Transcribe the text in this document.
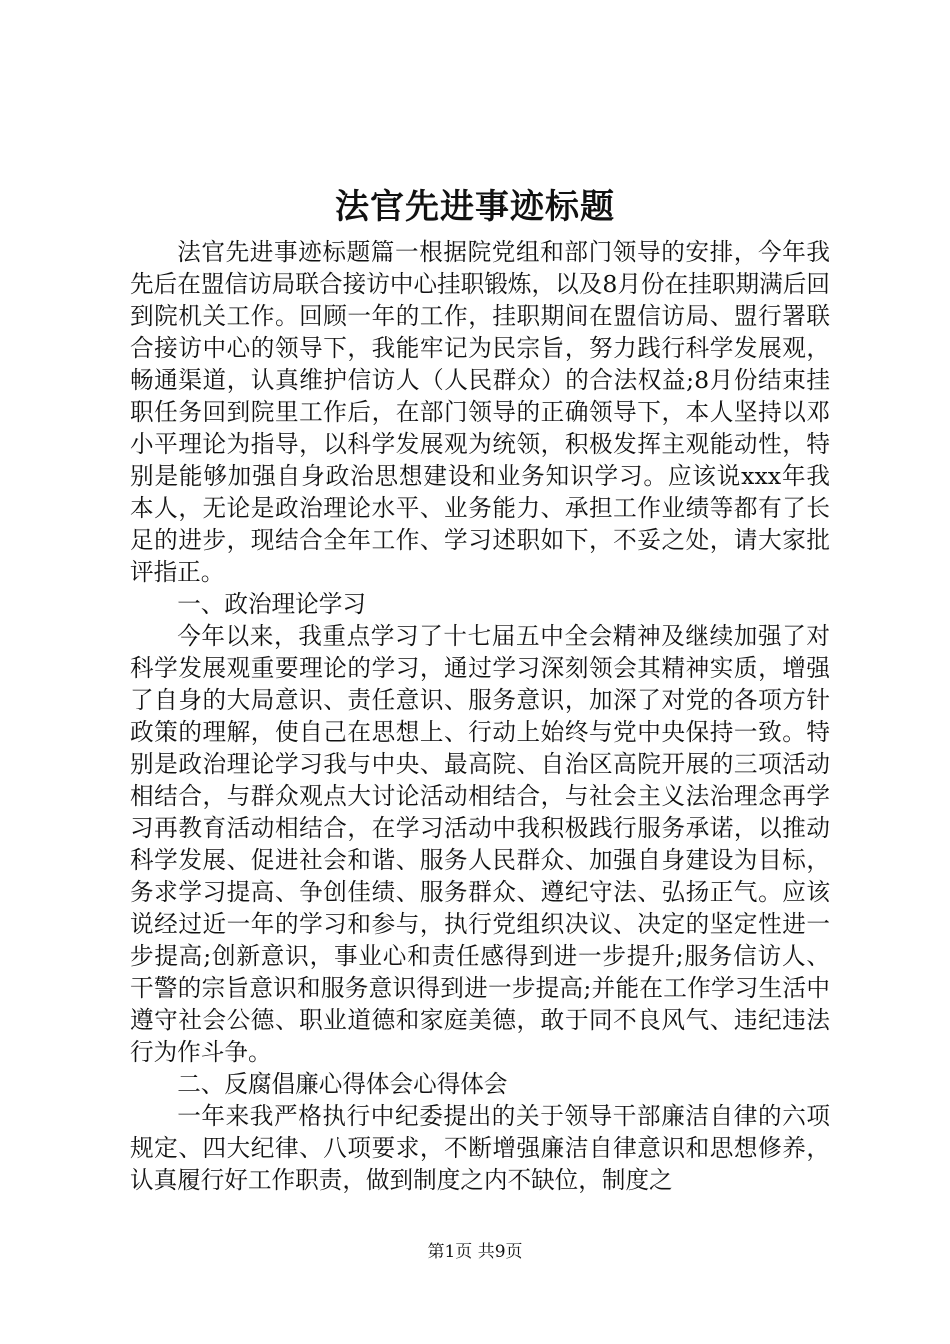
法官先进事迹标题

法官先进事迹标题篇一根据院党组和部门领导的安排，今年我先后在盟信访局联合接访中心挂职锻炼，以及8月份在挂职期满后回到院机关工作。回顾一年的工作，挂职期间在盟信访局、盟行署联合接访中心的领导下，我能牢记为民宗旨，努力践行科学发展观，畅通渠道，认真维护信访人（人民群众）的合法权益;8月份结束挂职任务回到院里工作后，在部门领导的正确领导下，本人坚持以邓小平理论为指导，以科学发展观为统领，积极发挥主观能动性，特别是能够加强自身政治思想建设和业务知识学习。应该说xxx年我本人，无论是政治理论水平、业务能力、承担工作业绩等都有了长足的进步，现结合全年工作、学习述职如下，不妥之处，请大家批评指正。

一、政治理论学习

今年以来，我重点学习了十七届五中全会精神及继续加强了对科学发展观重要理论的学习，通过学习深刻领会其精神实质，增强了自身的大局意识、责任意识、服务意识，加深了对党的各项方针政策的理解，使自己在思想上、行动上始终与党中央保持一致。特别是政治理论学习我与中央、最高院、自治区高院开展的三项活动相结合，与群众观点大讨论活动相结合，与社会主义法治理念再学习再教育活动相结合，在学习活动中我积极践行服务承诺，以推动科学发展、促进社会和谐、服务人民群众、加强自身建设为目标，务求学习提高、争创佳绩、服务群众、遵纪守法、弘扬正气。应该说经过近一年的学习和参与，执行党组织决议、决定的坚定性进一步提高;创新意识，事业心和责任感得到进一步提升;服务信访人、干警的宗旨意识和服务意识得到进一步提高;并能在工作学习生活中遵守社会公德、职业道德和家庭美德，敢于同不良风气、违纪违法行为作斗争。

二、反腐倡廉心得体会心得体会

一年来我严格执行中纪委提出的关于领导干部廉洁自律的六项规定、四大纪律、八项要求，不断增强廉洁自律意识和思想修养，认真履行好工作职责，做到制度之内不缺位，制度之

第1页 共9页
